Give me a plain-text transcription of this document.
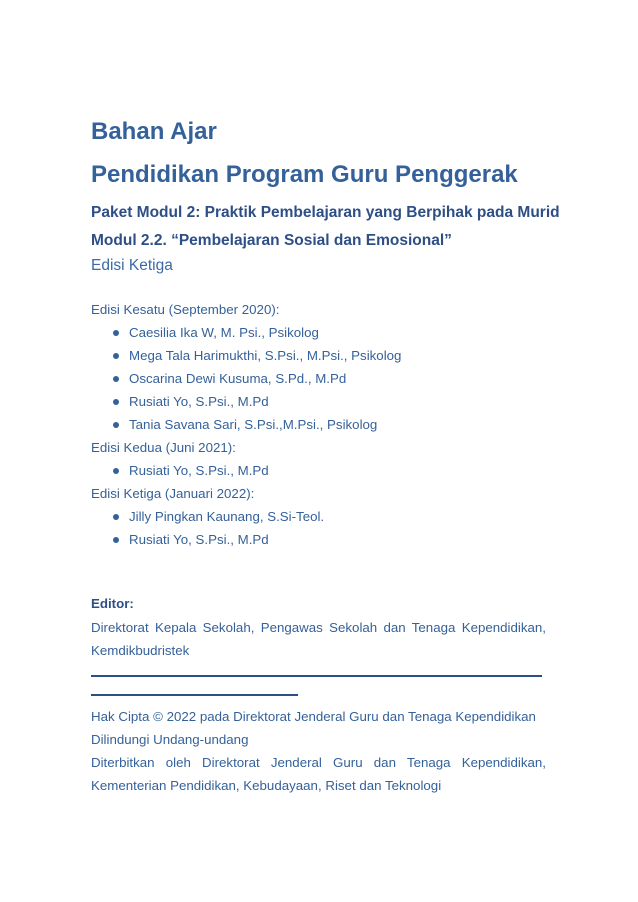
Bahan Ajar
Pendidikan Program Guru Penggerak
Paket Modul 2: Praktik Pembelajaran yang Berpihak pada Murid
Modul 2.2. “Pembelajaran Sosial dan Emosional”
Edisi Ketiga
Edisi Kesatu (September 2020):
Caesilia Ika W, M. Psi., Psikolog
Mega Tala Harimukthi, S.Psi., M.Psi., Psikolog
Oscarina Dewi Kusuma, S.Pd., M.Pd
Rusiati Yo, S.Psi., M.Pd
Tania Savana Sari, S.Psi.,M.Psi., Psikolog
Edisi Kedua (Juni 2021):
Rusiati Yo, S.Psi., M.Pd
Edisi Ketiga (Januari 2022):
Jilly Pingkan Kaunang, S.Si-Teol.
Rusiati Yo, S.Psi., M.Pd
Editor:
Direktorat Kepala Sekolah, Pengawas Sekolah dan Tenaga Kependidikan, Kemdikbudristek

Hak Cipta © 2022 pada Direktorat Jenderal Guru dan Tenaga Kependidikan

Dilindungi Undang-undang

Diterbitkan oleh Direktorat Jenderal Guru dan Tenaga Kependidikan, Kementerian Pendidikan, Kebudayaan, Riset dan Teknologi
